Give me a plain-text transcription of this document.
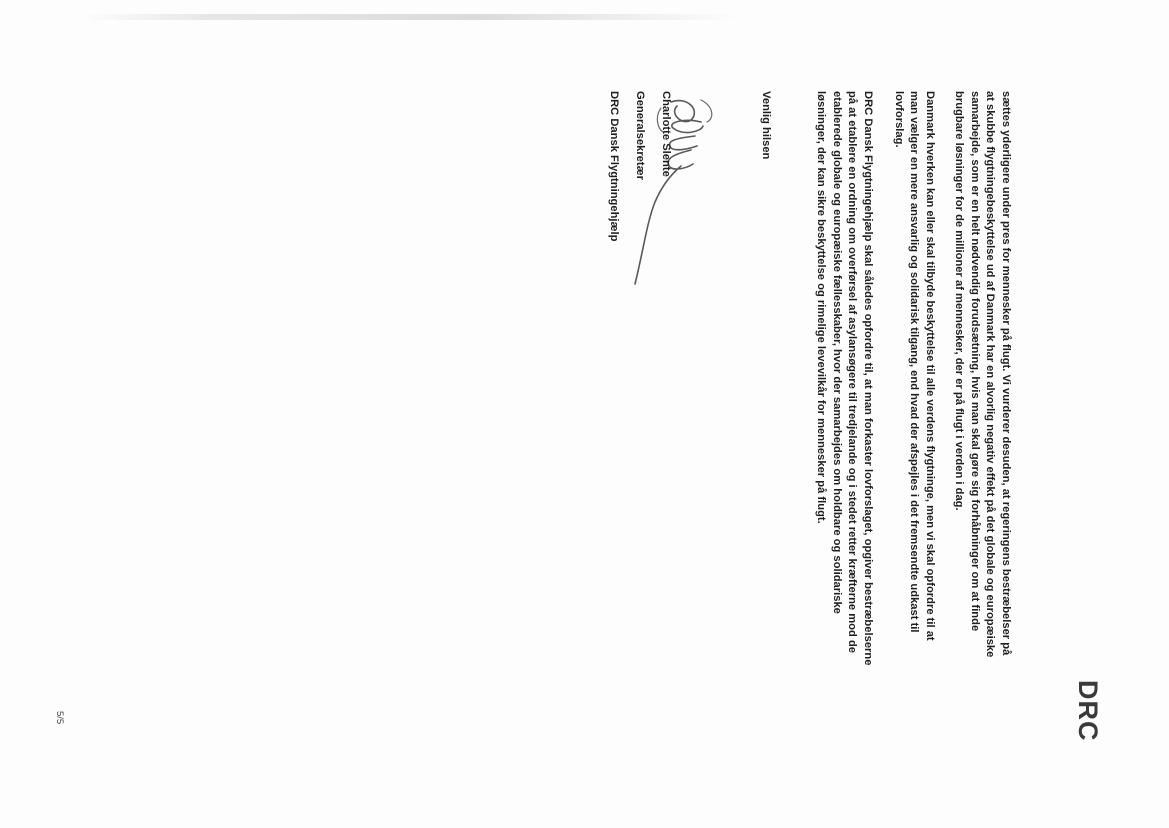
DRC

sættes yderligere under pres for mennesker på flugt. Vi vurderer desuden, at regeringens bestræbelser på
at skubbe flygtningebeskyttelse ud af Danmark har en alvorlig negativ effekt på det globale og europæiske
samarbejde, som er en helt nødvendig forudsætning, hvis man skal gøre sig forhåbninger om at finde
brugbare løsninger for de millioner af mennesker, der er på flugt i verden i dag.

Danmark hverken kan eller skal tilbyde beskyttelse til alle verdens flygtninge, men vi skal opfordre til at
man vælger en mere ansvarlig og solidarisk tilgang, end hvad der afspejles i det fremsendte udkast til
lovforslag.

DRC Dansk Flygtningehjælp skal således opfordre til, at man forkaster lovforslaget, opgiver bestræbelserne
på at etablere en ordning om overførsel af asylansøgere til tredjelande og i stedet retter kræfterne mod de
etablerede globale og europæiske fællesskaber, hvor der samarbejdes om holdbare og solidariske
løsninger, der kan sikre beskyttelse og rimelige levevilkår for mennesker på flugt.

Venlig hilsen

Charlotte Slente

Generalsekretær

DRC Dansk Flygtningehjælp

5/5
